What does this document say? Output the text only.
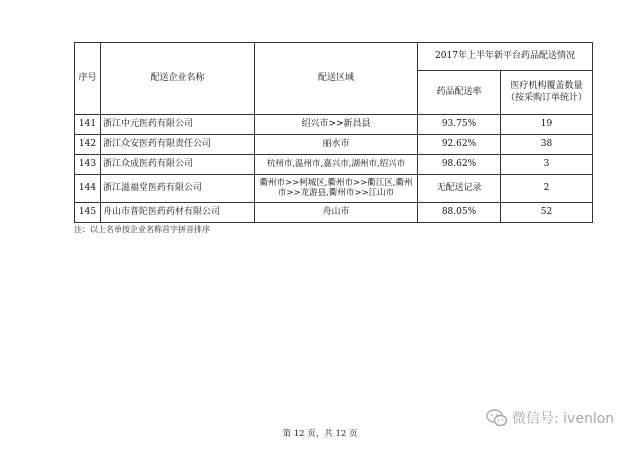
序号	配送企业名称	配送区域	2017年上半年新平台药品配送情况	
			药品配送率	医疗机构覆盖数量（按采购订单统计）
141	浙江中元医药有限公司	绍兴市>>新昌县	93.75%	19
142	浙江众安医药有限责任公司	丽水市	92.62%	38
143	浙江众成医药有限公司	杭州市,温州市,嘉兴市,湖州市,绍兴市	98.62%	3
144	浙江滋福堂医药有限公司	衢州市>>柯城区,衢州市>>衢江区,衢州市>>龙游县,衢州市>>江山市	无配送记录	2
145	舟山市普陀医药药材有限公司	舟山市	88.05%	52
注：以上名单按企业名称首字拼音排序
第 12 页，共 12 页
微信号: ivenlon
